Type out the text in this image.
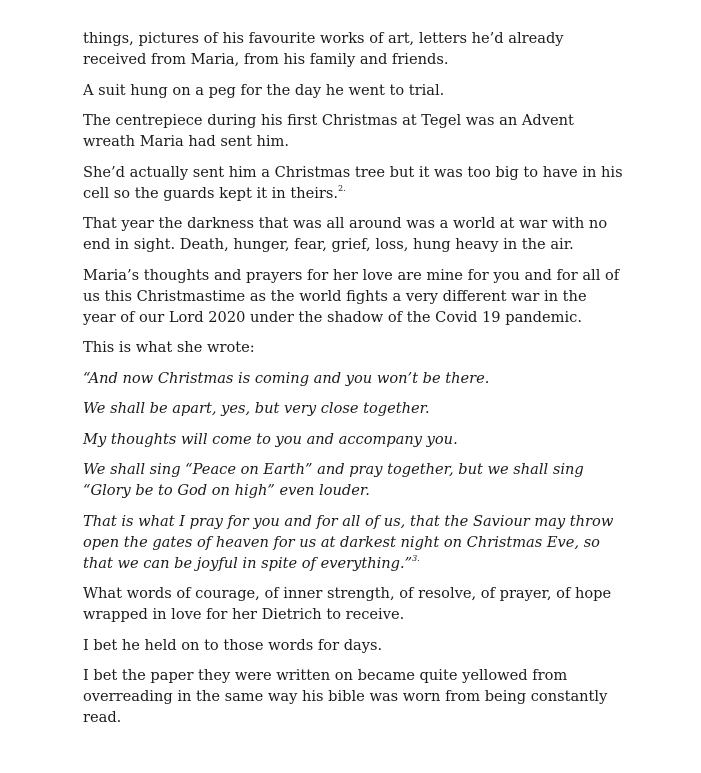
things, pictures of his favourite works of art, letters he’d already received from Maria, from his family and friends.

A suit hung on a peg for the day he went to trial.

The centrepiece during his first Christmas at Tegel was an Advent wreath Maria had sent him.

She’d actually sent him a Christmas tree but it was too big to have in his cell so the guards kept it in theirs.$^{2.}$

That year the darkness that was all around was a world at war with no end in sight. Death, hunger, fear, grief, loss, hung heavy in the air.

Maria’s thoughts and prayers for her love are mine for you and for all of us this Christmastime as the world fights a very different war in the year of our Lord 2020 under the shadow of the Covid 19 pandemic.

This is what she wrote:

“And now Christmas is coming and you won’t be there.

We shall be apart, yes, but very close together.

My thoughts will come to you and accompany you.

We shall sing “Peace on Earth” and pray together, but we shall sing “Glory be to God on high” even louder.

That is what I pray for you and for all of us, that the Saviour may throw open the gates of heaven for us at darkest night on Christmas Eve, so that we can be joyful in spite of everything.”$^{3.}$

What words of courage, of inner strength, of resolve, of prayer, of hope wrapped in love for her Dietrich to receive.

I bet he held on to those words for days.

I bet the paper they were written on became quite yellowed from overreading in the same way his bible was worn from being constantly read.
